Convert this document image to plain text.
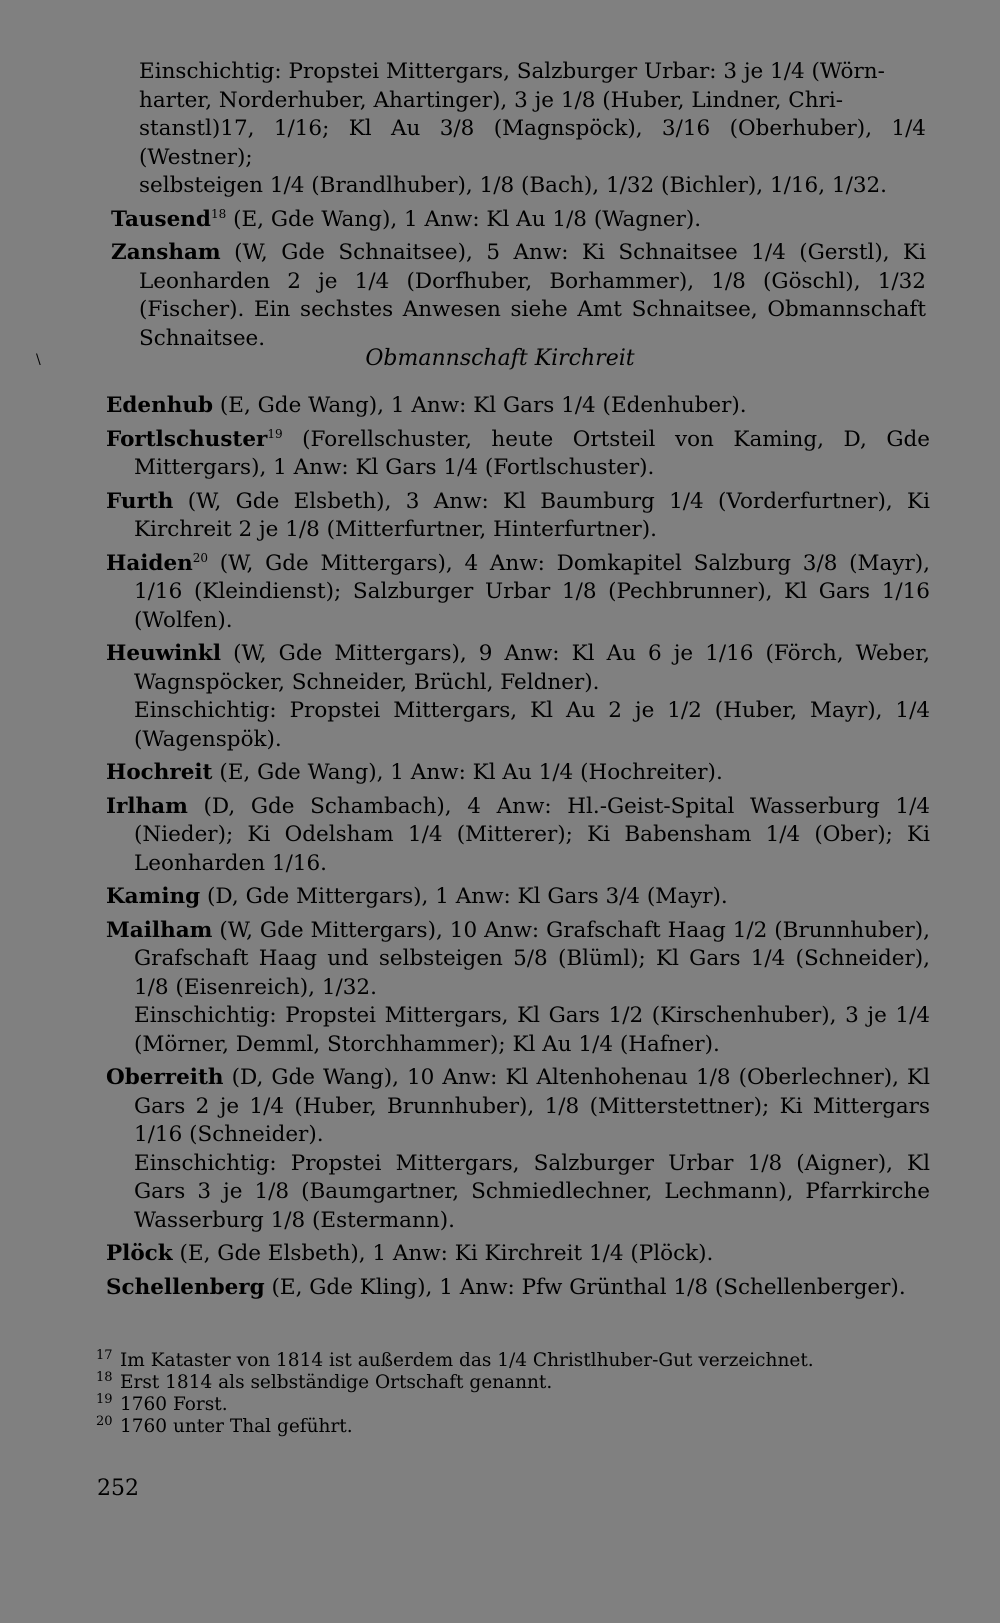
Einschichtig: Propstei Mittergars, Salzburger Urbar: 3 je 1/4 (Wörn-
harter, Norderhuber, Ahartinger), 3 je 1/8 (Huber, Lindner, Chri-
stanstl)17, 1/16; Kl Au 3/8 (Magnspöck), 3/16 (Oberhuber), 1/4 (Westner);
selbsteigen 1/4 (Brandlhuber), 1/8 (Bach), 1/32 (Bichler), 1/16, 1/32.
Tausend$^{18}$ (E, Gde Wang), 1 Anw: Kl Au 1/8 (Wagner).
Zansham (W, Gde Schnaitsee), 5 Anw: Ki Schnaitsee 1/4 (Gerstl), Ki Leonharden 2 je 1/4 (Dorfhuber, Borhammer), 1/8 (Göschl), 1/32 (Fischer). Ein sechstes Anwesen siehe Amt Schnaitsee, Obmannschaft Schnaitsee.
\	Obmannschaft Kirchreit
Edenhub (E, Gde Wang), 1 Anw: Kl Gars 1/4 (Edenhuber).
Fortlschuster$^{19}$ (Forellschuster, heute Ortsteil von Kaming, D, Gde Mittergars), 1 Anw: Kl Gars 1/4 (Fortlschuster).
Furth (W, Gde Elsbeth), 3 Anw: Kl Baumburg 1/4 (Vorderfurtner), Ki Kirchreit 2 je 1/8 (Mitterfurtner, Hinterfurtner).
Haiden$^{20}$ (W, Gde Mittergars), 4 Anw: Domkapitel Salzburg 3/8 (Mayr), 1/16 (Kleindienst); Salzburger Urbar 1/8 (Pechbrunner), Kl Gars 1/16 (Wolfen).
Heuwinkl (W, Gde Mittergars), 9 Anw: Kl Au 6 je 1/16 (Förch, Weber, Wagnspöcker, Schneider, Brüchl, Feldner).
Einschichtig: Propstei Mittergars, Kl Au 2 je 1/2 (Huber, Mayr), 1/4 (Wagenspök).
Hochreit (E, Gde Wang), 1 Anw: Kl Au 1/4 (Hochreiter).
Irlham (D, Gde Schambach), 4 Anw: Hl.-Geist-Spital Wasserburg 1/4 (Nieder); Ki Odelsham 1/4 (Mitterer); Ki Babensham 1/4 (Ober); Ki Leonharden 1/16.
Kaming (D, Gde Mittergars), 1 Anw: Kl Gars 3/4 (Mayr).
Mailham (W, Gde Mittergars), 10 Anw: Grafschaft Haag 1/2 (Brunnhuber), Grafschaft Haag und selbsteigen 5/8 (Blüml); Kl Gars 1/4 (Schneider), 1/8 (Eisenreich), 1/32.
Einschichtig: Propstei Mittergars, Kl Gars 1/2 (Kirschenhuber), 3 je 1/4 (Mörner, Demml, Storchhammer); Kl Au 1/4 (Hafner).
Oberreith (D, Gde Wang), 10 Anw: Kl Altenhohenau 1/8 (Oberlechner), Kl Gars 2 je 1/4 (Huber, Brunnhuber), 1/8 (Mitterstettner); Ki Mittergars 1/16 (Schneider).
Einschichtig: Propstei Mittergars, Salzburger Urbar 1/8 (Aigner), Kl Gars 3 je 1/8 (Baumgartner, Schmiedlechner, Lechmann), Pfarrkirche Wasserburg 1/8 (Estermann).
Plöck (E, Gde Elsbeth), 1 Anw: Ki Kirchreit 1/4 (Plöck).
Schellenberg (E, Gde Kling), 1 Anw: Pfw Grünthal 1/8 (Schellenberger).
17 Im Kataster von 1814 ist außerdem das 1/4 Christlhuber-Gut verzeichnet.
18 Erst 1814 als selbständige Ortschaft genannt.
19 1760 Forst.
20 1760 unter Thal geführt.
252
